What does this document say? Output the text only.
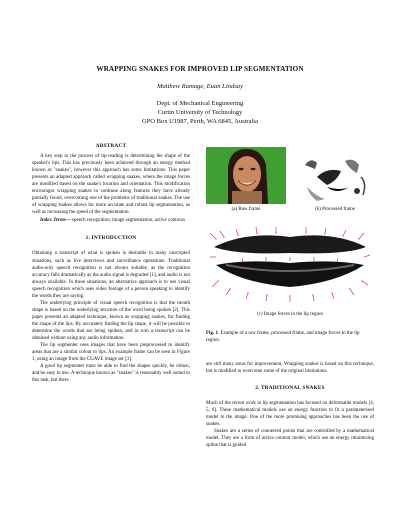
WRAPPING SNAKES FOR IMPROVED LIP SEGMENTATION
Matthew Ramage, Euan Lindsay
Dept. of Mechanical Engineering
Curtin University of Technology
GPO Box U1987, Perth, WA 6845, Australia
ABSTRACT

A key step in the process of lip-reading is determining the shape of the speaker's lips. This has previously been achieved through an energy method known as "snakes", however this approach has some limitations. This paper presents an adapted approach called wrapping snakes, where the image forces are modified based on the snake's location and orientation. This modification encourages wrapping snakes to continue along features they have already partially found, overcoming one of the problems of traditional snakes. The use of wrapping snakes allows for more accurate and robust lip segmentation, as well as increasing the speed of the segmentation.

Index Terms— speech recognition, image segmentation, active contours

1. INTRODUCTION

Obtaining a transcript of what is spoken is desirable in many unscripted situations, such as live interviews and surveillance operations. Traditional audio-only speech recognition is not always suitable, as the recognition accuracy falls dramatically as the audio signal is degraded [1], and audio is not always available. In these situations, an alternative approach is to use visual speech recognition which uses video footage of a person speaking to identify the words they are saying.

The underlying principle of visual speech recognition is that the mouth shape is based on the underlying structure of the word being spoken [2]. This paper presents an adapted technique, known as wrapping snakes, for finding the shape of the lips. By accurately finding the lip shape, it will be possible to determine the words that are being spoken, and in turn a transcript can be obtained without using any audio information.

The lip segmenter uses images that have been preprocessed to identify areas that are a similar colour to lips. An example frame can be seen in Figure 1, using an image from the CUAVE image set [3].

A good lip segmenter must be able to find the shapes quickly, be robust, and be easy to use. A technique known as "snakes" is reasonably well suited to this task, but there

(a) Raw frame	(b) Processed frame
(c) Image forces in the lip region
Fig. 1. Example of a raw frame, processed frame, and image forces in the lip region.

are still many areas for improvement. Wrapping snakes is based on this technique, but is modified to overcome some of the original limitations.

2. TRADITIONAL SNAKES

Much of the recent work in lip segmentation has focused on deformable models [4, 5, 6]. These mathematical models use an energy function to fit a parameterised model to the image. One of the more promising approaches has been the use of snakes.

Snakes are a series of connected points that are controlled by a mathematical model. They are a form of active contour model, which use an energy minimising spline that is guided
